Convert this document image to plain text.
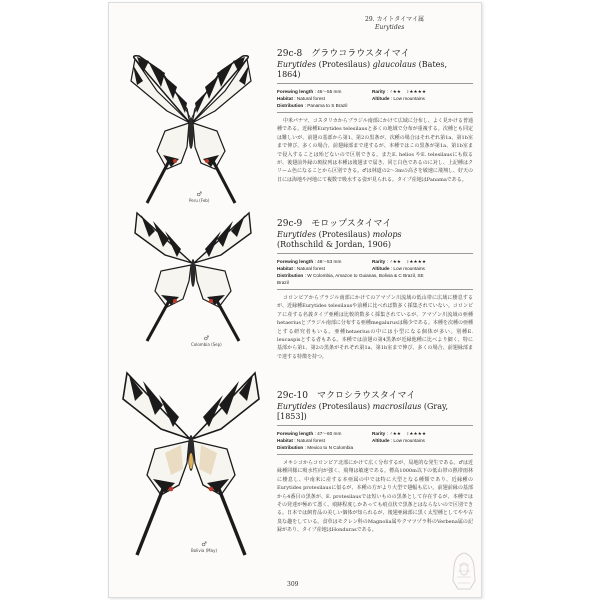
29. カイトタイマイ属
Eurytides
♂
Peru (Feb)
♂
Colombia (Sep)
♂
Bolivia (May)
29c-8　グラウコラウスタイマイ
Eurytides (Protesilaus) glaucolaus (Bates, 1864)
Forewing length : 46～55 mm	Rarity : ♂★★　♀★★★★
Habitat : Natural forest	Altitude : Low mountains
Distribution : Panama to S Brazil

中米パナマ、コスタリカからブラジル南部にかけて広域に分布し、よく見かける普通種である。近縁種Eurytides telesilausと多くの地域で分布が重複する。次種とも同定は難しいが、前翅の基部から第1、第2の黒条が、次種の場合はそれぞれ第1a、第1b室まで伸び、多くの場合、前翅縁部まで達するが、本種ではこの黒条が第1a、第1b室まで侵入することは殆どないので区別できる。またE. helios やE. telesilausにも似るが、後翅前外縁の斑紋列は本種は後翅まで届き、同じ白色であるのに対し、上記種はクリーム色になることから区別できる。♂は林道の2～3mの高さを敏速に飛翔し、好天の日には海地や河地にて複数で吸水する姿が見られる。タイプ産地はPanamaである。

29c-9　モロップスタイマイ
Eurytides (Protesilaus) molops
(Rothschild & Jordan, 1906)
Forewing length : 48～53 mm	Rarity : ♂★★　♀★★★★
Habitat : Natural forest	Altitude : Low mountains
Distribution : W Colombia, Amazon to Guianas, Bolivia & C Brazil, SE
Brazil

コロンビアからブラジル南部にかけてのアマゾン川流域の低山帯に広域に棲息するが、近縁種Eurytides telesilausや前種に比べれば数多く採集されていない。コロンビアに産する名義タイプ亜種は比較的数多く採集されているが、アマゾン川流域の亜種hetaeriusとブラジル南部に分布する亜種megalurusは稀少である。本種を次種の亜種とする研究者もいる。亜種hetaeriusの中には小型になる個体が多い。別種E. leucaspisとする者もある。本種では前翅の第4黒条が近縁他種に比べより細く、特に基部から第1、第2の黒条がそれぞれ第1a、第1b室まで伸び、多くの場合、前翅縁部まで達する特徴を持つ。

29c-10　マクロシラウスタイマイ
Eurytides (Protesilaus) macrosilaus (Gray, [1853])
Forewing length : 47～60 mm	Rarity : ♂★★　♀★★★★
Habitat : Natural forest	Altitude : Low mountains
Distribution : Mexico to N Colombia

メキシコからコロンビア北部にかけて広く分布するが、局地的な発生である。♂は近縁種同様に吸水性向が強く、飛翔は敏速である。標高1000m以下の低山帯の熱帯雨林に棲息し、中南米に産する本亜属の中では特に大型となる種類であり、近縁種のEurytides protesilausに似るが、本種の方がより大型で翅幅も広い。前翅前縁の基部から4番目の黒条が、E. protesilausでは短いものの黒条として存在するが、本種ではその発達が極めて悪く、痕跡程度しかあっても痕点状で黒条とはならないので区別できる。日本では飼育品の美しい個体が知られるが、後翅亜縁部に黒く太型種としてやや古臭な趣をしている。食草はモクレン科のMagnolia属やクマツヅラ科のVerbena属の記録があり、タイプ産地はHondurasである。

309
